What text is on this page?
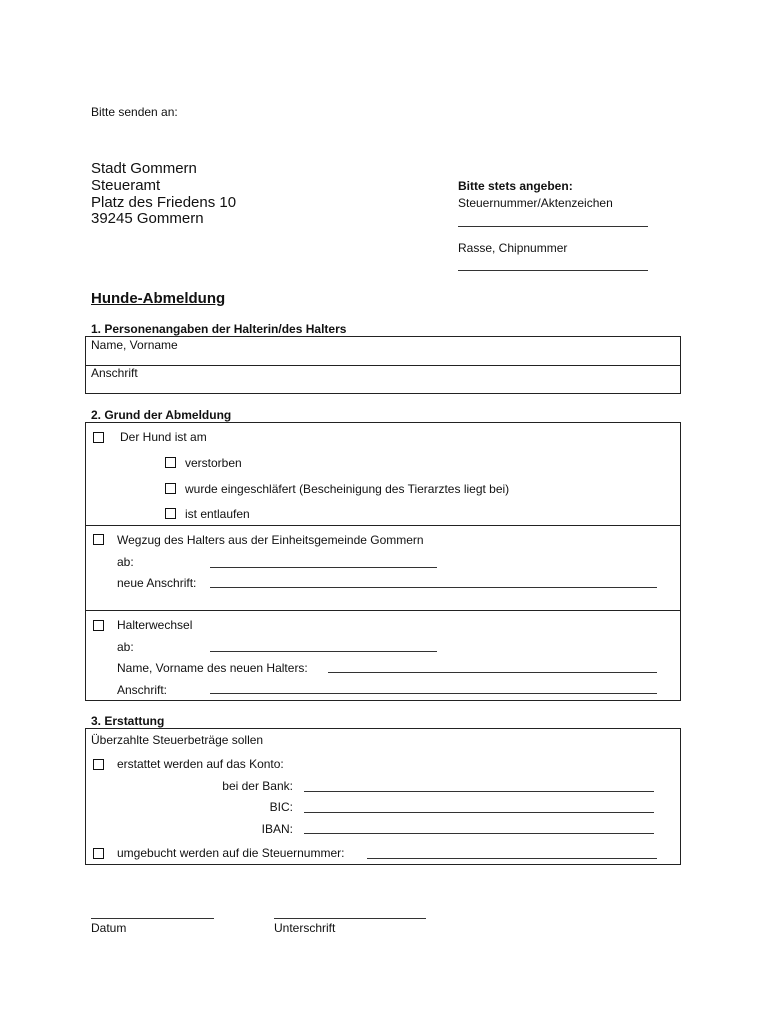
Bitte senden an:
Stadt Gommern
Steueramt
Platz des Friedens 10
39245 Gommern
Bitte stets angeben:
Steuernummer/Aktenzeichen
Rasse, Chipnummer
Hunde-Abmeldung
1. Personenangaben der Halterin/des Halters
Name, Vorname
Anschrift
2. Grund der Abmeldung
Der Hund ist am
verstorben
wurde eingeschläfert (Bescheinigung des Tierarztes liegt bei)
ist entlaufen
Wegzug des Halters aus der Einheitsgemeinde Gommern
ab:
neue Anschrift:
Halterwechsel
ab:
Name, Vorname des neuen Halters:
Anschrift:
3. Erstattung
Überzahlte Steuerbeträge sollen
erstattet werden auf das Konto:
bei der Bank:
BIC:
IBAN:
umgebucht werden auf die Steuernummer:
Datum	Unterschrift
